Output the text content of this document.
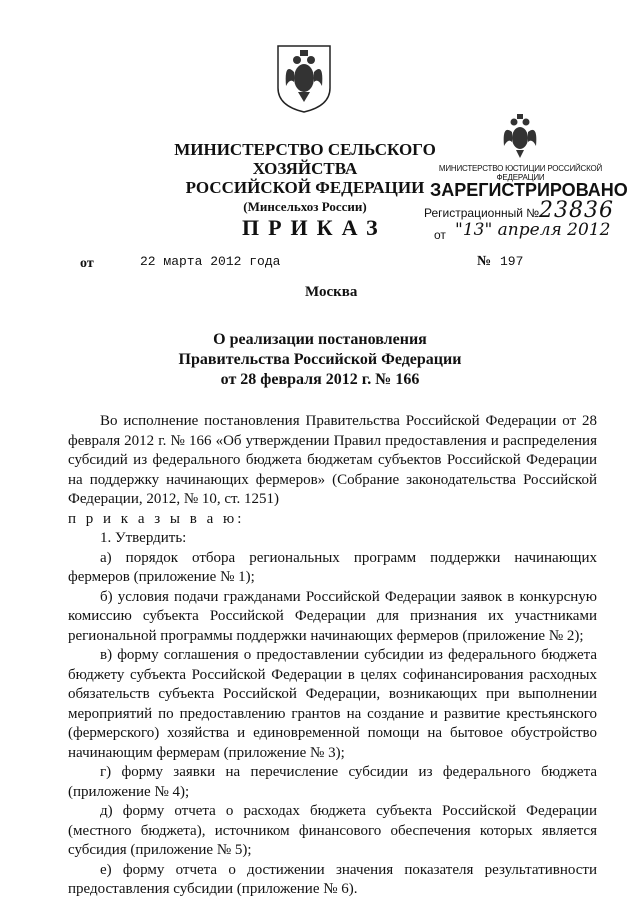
МИНИСТЕРСТВО СЕЛЬСКОГО ХОЗЯЙСТВА
РОССИЙСКОЙ ФЕДЕРАЦИИ
(Минсельхоз России)
МИНИСТЕРСТВО ЮСТИЦИИ РОССИЙСКОЙ ФЕДЕРАЦИИ
ЗАРЕГИСТРИРОВАНО
Регистрационный № 23836
от "13" апреля 2012
ПРИКАЗ
от	22 марта 2012 года	№ 197
Москва
О реализации постановления
Правительства Российской Федерации
от 28 февраля 2012 г. № 166

Во исполнение постановления Правительства Российской Федерации от 28 февраля 2012 г. № 166 «Об утверждении Правил предоставления и распределения субсидий из федерального бюджета бюджетам субъектов Российской Федерации на поддержку начинающих фермеров» (Собрание законодательства Российской Федерации, 2012, № 10, ст. 1251)

п р и к а з ы в а ю:

1. Утвердить:

а) порядок отбора региональных программ поддержки начинающих фермеров (приложение № 1);

б) условия подачи гражданами Российской Федерации заявок в конкурсную комиссию субъекта Российской Федерации для признания их участниками региональной программы поддержки начинающих фермеров (приложение № 2);

в) форму соглашения о предоставлении субсидии из федерального бюджета бюджету субъекта Российской Федерации в целях софинансирования расходных обязательств субъекта Российской Федерации, возникающих при выполнении мероприятий по предоставлению грантов на создание и развитие крестьянского (фермерского) хозяйства и единовременной помощи на бытовое обустройство начинающим фермерам (приложение № 3);

г) форму заявки на перечисление субсидии из федерального бюджета (приложение № 4);

д) форму отчета о расходах бюджета субъекта Российской Федерации (местного бюджета), источником финансового обеспечения которых является субсидия (приложение № 5);

е) форму отчета о достижении значения показателя результативности предоставления субсидии (приложение № 6).
